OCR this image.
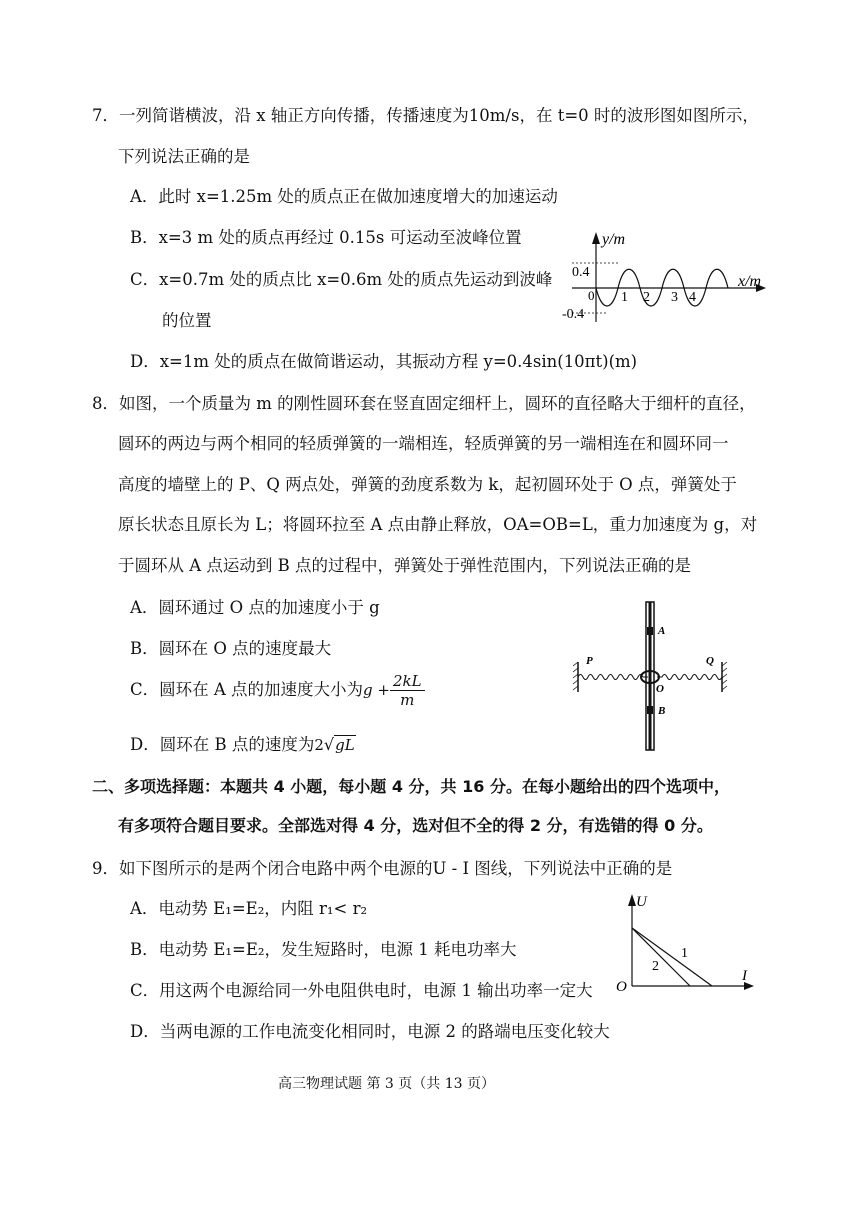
7．一列简谐横波，沿 x 轴正方向传播，传播速度为10m/s，在 t=0 时的波形图如图所示，
下列说法正确的是
A．此时 x=1.25m 处的质点正在做加速度增大的加速运动
B．x=3 m 处的质点再经过 0.15s 可运动至波峰位置
C．x=0.7m 处的质点比 x=0.6m 处的质点先运动到波峰
的位置
D．x=1m 处的质点在做简谐运动，其振动方程 y=0.4sin(10πt)(m)
y/m
x/m
0.4
-0.4
0 1 2 3 4
8．如图，一个质量为 m 的刚性圆环套在竖直固定细杆上，圆环的直径略大于细杆的直径，
圆环的两边与两个相同的轻质弹簧的一端相连，轻质弹簧的另一端相连在和圆环同一
高度的墙壁上的 P、Q 两点处，弹簧的劲度系数为 k，起初圆环处于 O 点，弹簧处于
原长状态且原长为 L；将圆环拉至 A 点由静止释放，OA=OB=L，重力加速度为 g，对
于圆环从 A 点运动到 B 点的过程中，弹簧处于弹性范围内，下列说法正确的是
A．圆环通过 O 点的加速度小于 g
B．圆环在 O 点的速度最大
C．圆环在 A 点的加速度大小为$g + \frac{2kL}{m}$
D．圆环在 B 点的速度为2√gL
A
O
B
P	Q
二、多项选择题：本题共 4 小题，每小题 4 分，共 16 分。在每小题给出的四个选项中，
有多项符合题目要求。全部选对得 4 分，选对但不全的得 2 分，有选错的得 0 分。
9．如下图所示的是两个闭合电路中两个电源的U - I 图线，下列说法中正确的是
A．电动势 E₁=E₂，内阻 r₁< r₂
B．电动势 E₁=E₂，发生短路时，电源 1 耗电功率大
C．用这两个电源给同一外电阻供电时，电源 1 输出功率一定大
D．当两电源的工作电流变化相同时，电源 2 的路端电压变化较大
U
I
O
1
2
高三物理试题 第 3 页（共 13 页）
